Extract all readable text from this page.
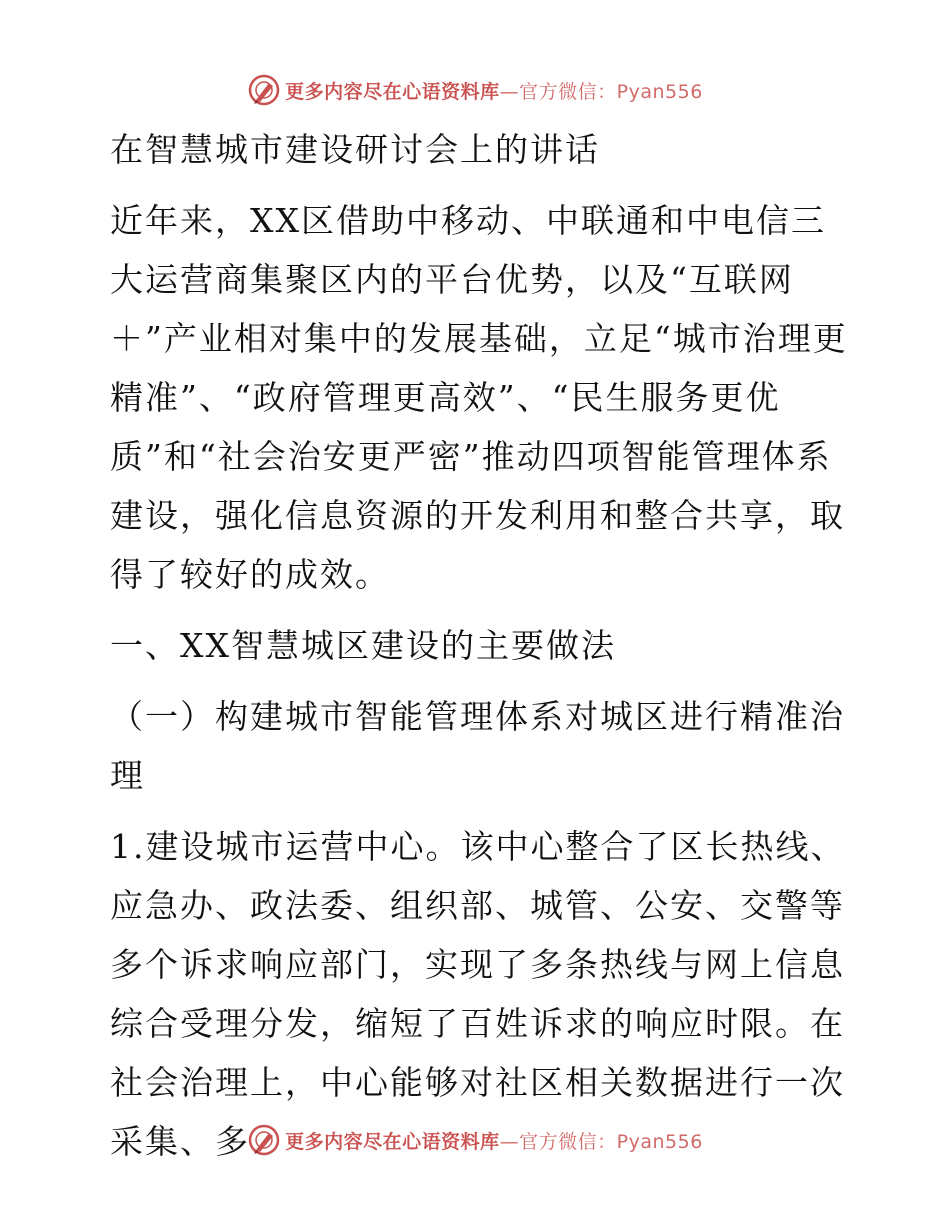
更多内容尽在心语资料库—官方微信：Pyan556

在智慧城市建设研讨会上的讲话

近年来，XX区借助中移动、中联通和中电信三大运营商集聚区内的平台优势，以及“互联网＋”产业相对集中的发展基础，立足“城市治理更精准”、“政府管理更高效”、“民生服务更优质”和“社会治安更严密”推动四项智能管理体系建设，强化信息资源的开发利用和整合共享，取得了较好的成效。

一、XX智慧城区建设的主要做法

（一）构建城市智能管理体系对城区进行精准治理

1.建设城市运营中心。该中心整合了区长热线、应急办、政法委、组织部、城管、公安、交警等多个诉求响应部门，实现了多条热线与网上信息综合受理分发，缩短了百姓诉求的响应时限。在社会治理上，中心能够对社区相关数据进行一次采集、多	更多内容尽在心语资料库—官方微信：Pyan556
